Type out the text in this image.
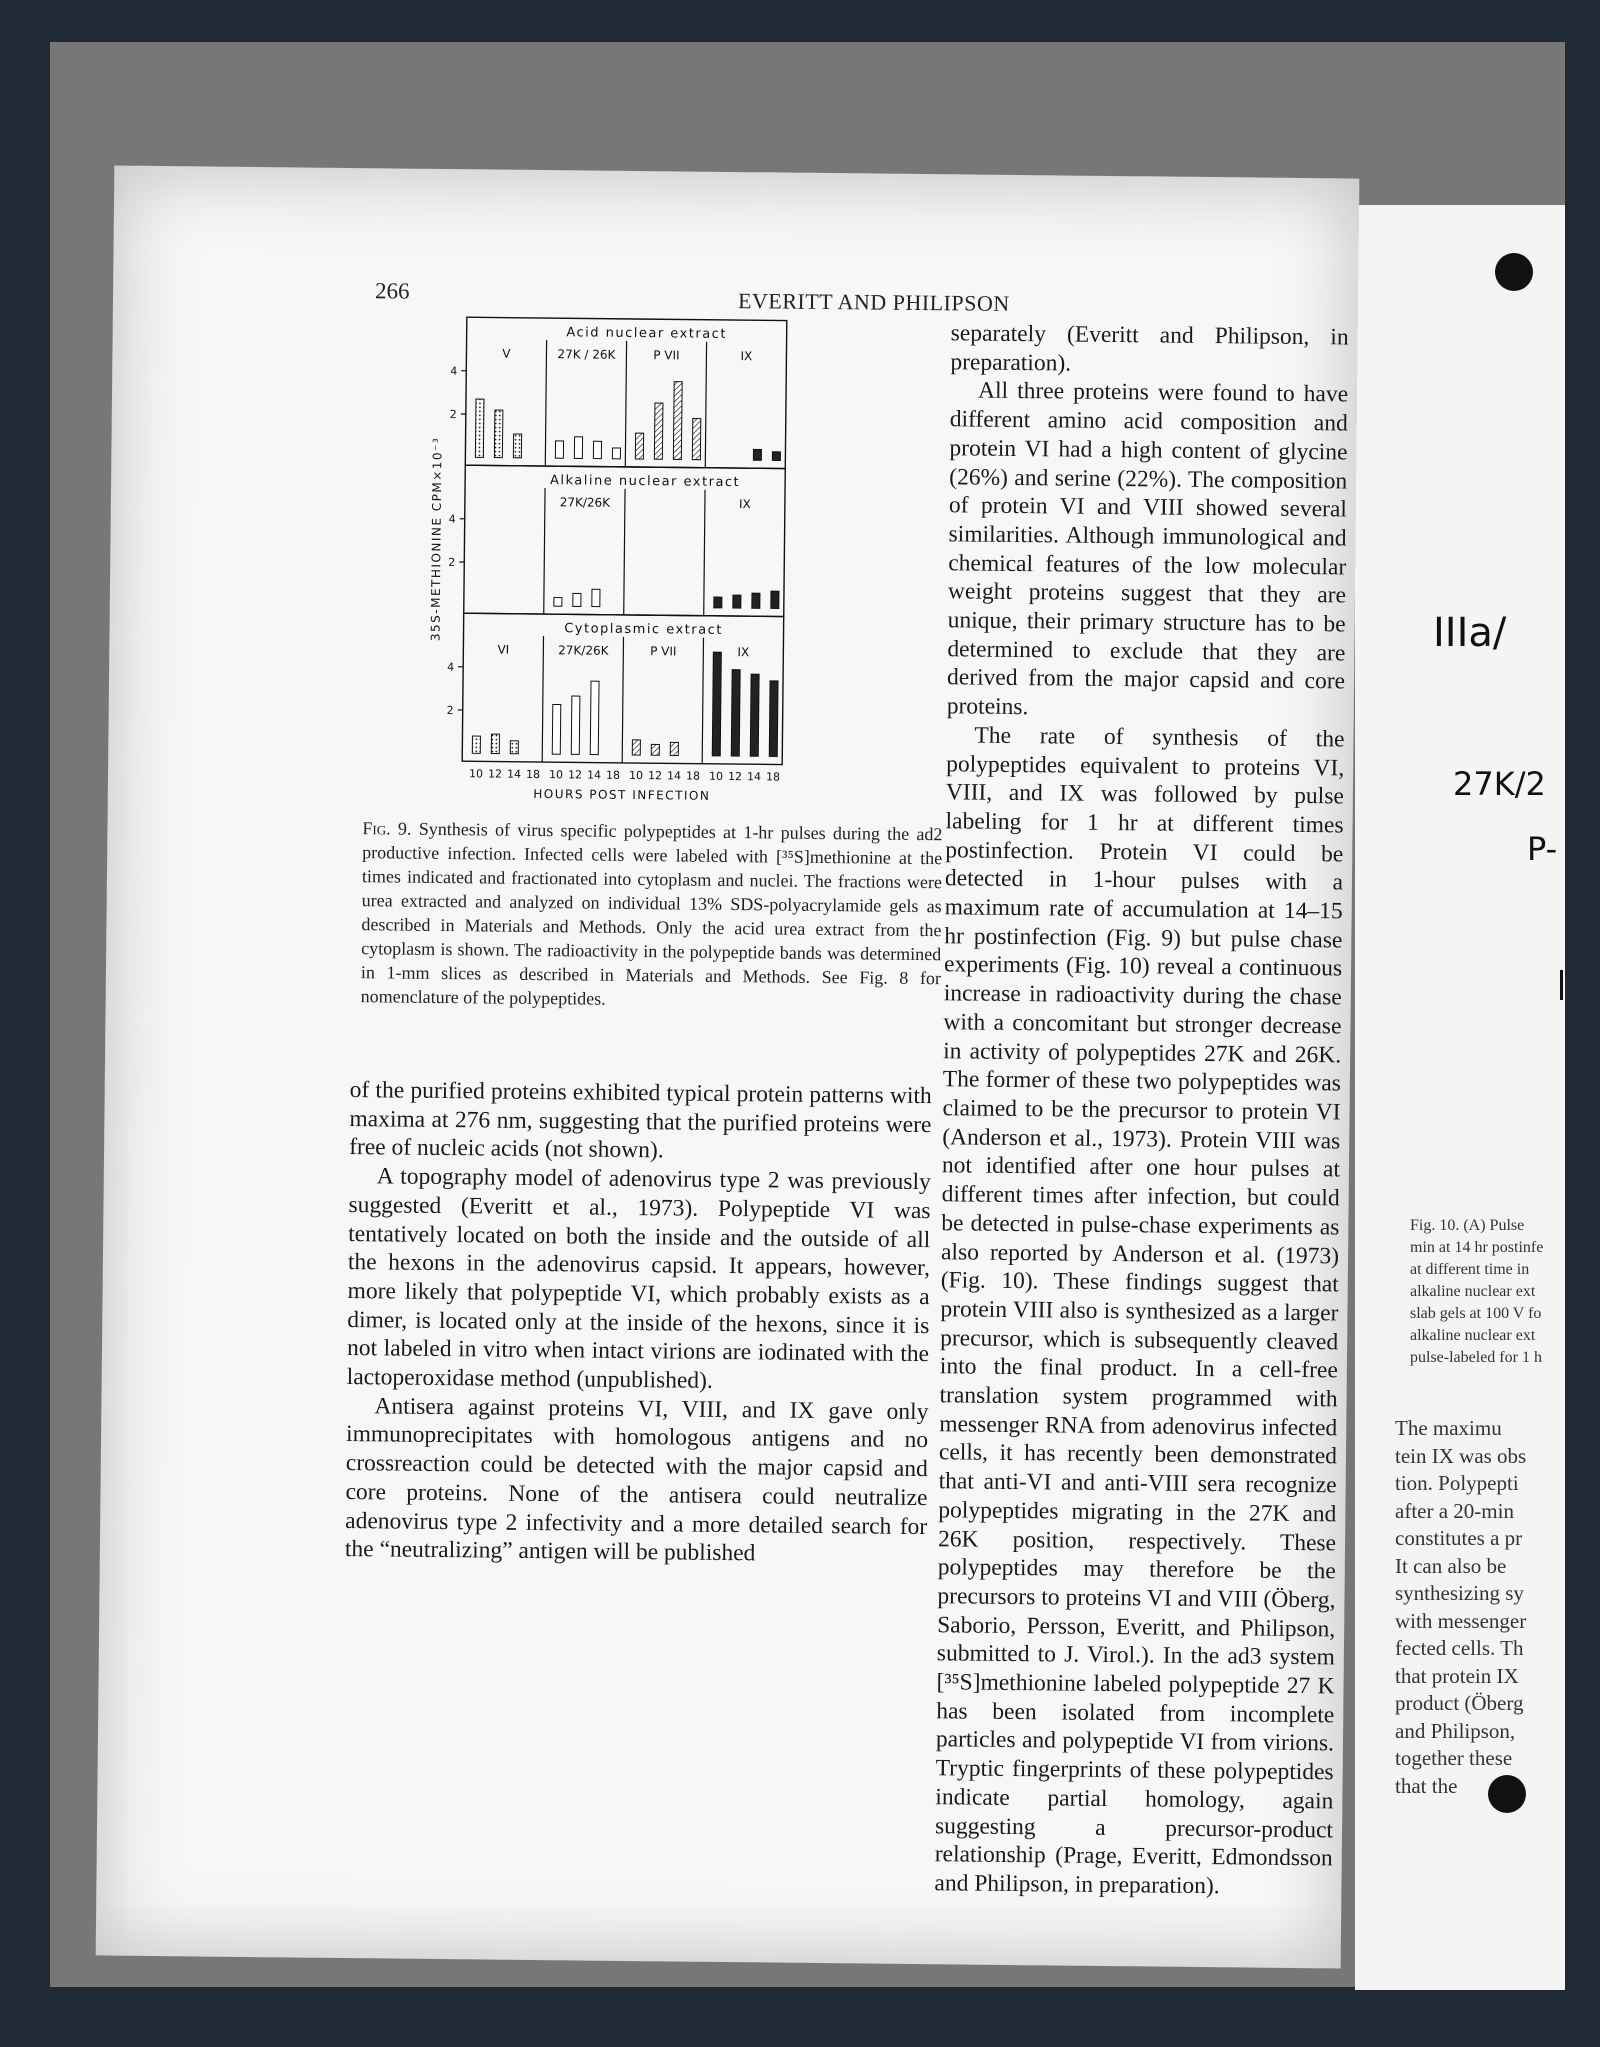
IIIa/
27K/2
P-
Fig. 10. (A) Pulse
min at 14 hr postinfe
at different time in
alkaline nuclear ext
slab gels at 100 V fo
alkaline nuclear ext
pulse-labeled for 1 h
The maximu
tein IX was obs
tion. Polypepti
after a 20-min
constitutes a pr
It can also be
synthesizing sy
with messenger
fected cells. Th
that protein IX
product (Öberg
and Philipson,
together these
that the
266	EVERITT AND PHILIPSON
Acid nuclear extract
2
4
V	27K / 26K	P VII	IX
Alkaline nuclear extract
2
4
27K/26K	IX
Cytoplasmic extract
2
4
VI	27K/26K	P VII	IX
10 12 14 18 10 12 14 18 10 12 14 18 10 12 14 18
HOURS POST INFECTION
35S-METHIONINE CPM×10⁻³
Fig. 9. Synthesis of virus specific polypeptides at 1-hr pulses during the ad2 productive infection. Infected cells were labeled with [³⁵S]methionine at the times indicated and fractionated into cytoplasm and nuclei. The fractions were urea extracted and analyzed on individual 13% SDS-polyacrylamide gels as described in Materials and Methods. Only the acid urea extract from the cytoplasm is shown. The radioactivity in the polypeptide bands was determined in 1-mm slices as described in Materials and Methods. See Fig. 8 for nomenclature of the polypeptides.

of the purified proteins exhibited typical protein patterns with maxima at 276 nm, suggesting that the purified proteins were free of nucleic acids (not shown).

A topography model of adenovirus type 2 was previously suggested (Everitt et al., 1973). Polypeptide VI was tentatively located on both the inside and the outside of all the hexons in the adenovirus capsid. It appears, however, more likely that polypeptide VI, which probably exists as a dimer, is located only at the inside of the hexons, since it is not labeled in vitro when intact virions are iodinated with the lactoperoxidase method (unpublished).

Antisera against proteins VI, VIII, and IX gave only immunoprecipitates with homologous antigens and no crossreaction could be detected with the major capsid and core proteins. None of the antisera could neutralize adenovirus type 2 infectivity and a more detailed search for the “neutralizing” antigen will be published

separately (Everitt and Philipson, in preparation).

All three proteins were found to have different amino acid composition and protein VI had a high content of glycine (26%) and serine (22%). The composition of protein VI and VIII showed several similarities. Although immunological and chemical features of the low molecular weight proteins suggest that they are unique, their primary structure has to be determined to exclude that they are derived from the major capsid and core proteins.

The rate of synthesis of the polypeptides equivalent to proteins VI, VIII, and IX was followed by pulse labeling for 1 hr at different times postinfection. Protein VI could be detected in 1-hour pulses with a maximum rate of accumulation at 14–15 hr postinfection (Fig. 9) but pulse chase experiments (Fig. 10) reveal a continuous increase in radioactivity during the chase with a concomitant but stronger decrease in activity of polypeptides 27K and 26K. The former of these two polypeptides was claimed to be the precursor to protein VI (Anderson et al., 1973). Protein VIII was not identified after one hour pulses at different times after infection, but could be detected in pulse-chase experiments as also reported by Anderson et al. (1973) (Fig. 10). These findings suggest that protein VIII also is synthesized as a larger precursor, which is subsequently cleaved into the final product. In a cell-free translation system programmed with messenger RNA from adenovirus infected cells, it has recently been demonstrated that anti-VI and anti-VIII sera recognize polypeptides migrating in the 27K and 26K position, respectively. These polypeptides may therefore be the precursors to proteins VI and VIII (Öberg, Saborio, Persson, Everitt, and Philipson, submitted to J. Virol.). In the ad3 system [³⁵S]methionine labeled polypeptide 27 K has been isolated from incomplete particles and polypeptide VI from virions. Tryptic fingerprints of these polypeptides indicate partial homology, again suggesting a precursor-product relationship (Prage, Everitt, Edmondsson and Philipson, in preparation).
